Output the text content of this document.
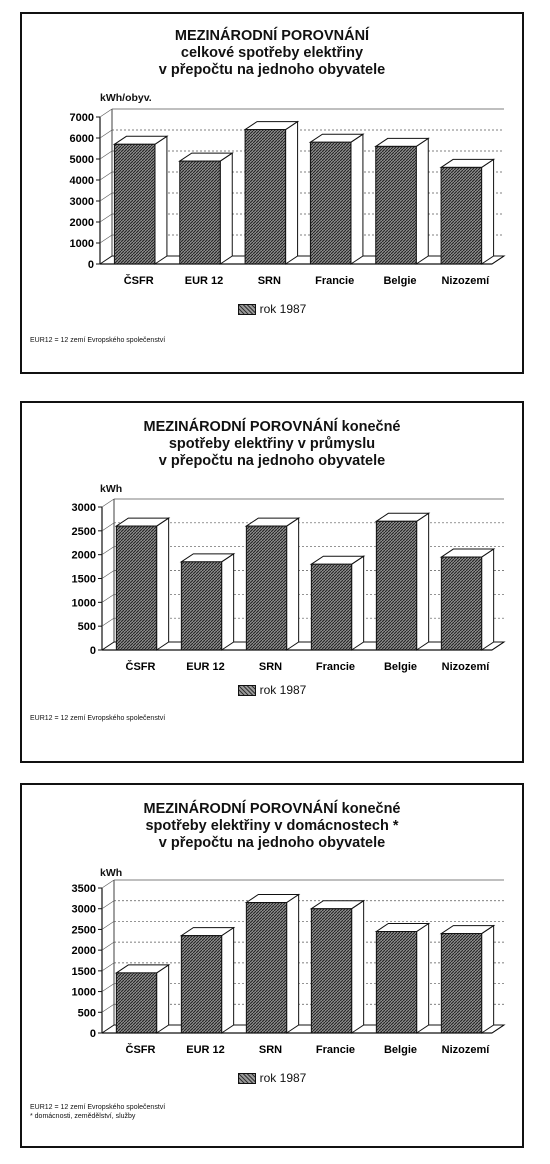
MEZINÁRODNÍ POROVNÁNÍ
celkové spotřeby elektřiny
v přepočtu na jednoho obyvatele
kWh/obyv.
0
1000
2000
3000
4000
5000
6000
7000
ČSFR	EUR 12	SRN	Francie	Belgie Nizozemí
rok 1987
EUR12 = 12 zemí Evropského společenství
MEZINÁRODNÍ POROVNÁNÍ konečné
spotřeby elektřiny v průmyslu
v přepočtu na jednoho obyvatele
kWh
0
500
1000
1500
2000
2500
3000
ČSFR	EUR 12	SRN	Francie	Belgie Nizozemí
rok 1987
EUR12 = 12 zemí Evropského společenství
MEZINÁRODNÍ POROVNÁNÍ konečné
spotřeby elektřiny v domácnostech *
v přepočtu na jednoho obyvatele
kWh
0
500
1000
1500
2000
2500
3000
3500
ČSFR	EUR 12	SRN	Francie	Belgie Nizozemí
rok 1987
EUR12 = 12 zemí Evropského společenství
* domácnosti, zemědělství, služby
